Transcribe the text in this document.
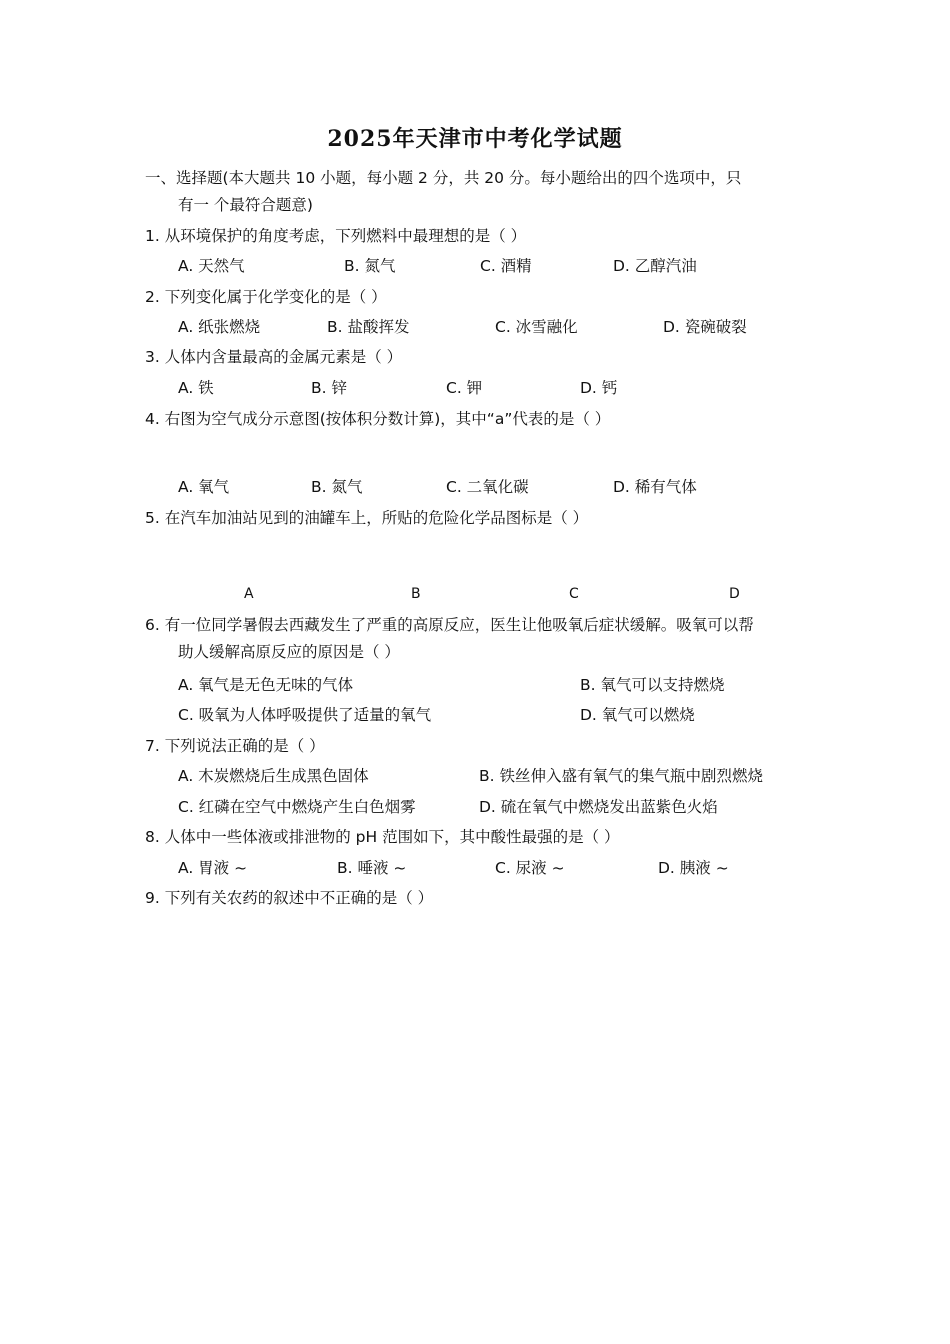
2025年天津市中考化学试题
一、选择题(本大题共 10 小题，每小题 2 分，共 20 分。每小题给出的四个选项中，只
有一 个最符合题意)
1. 从环境保护的角度考虑，下列燃料中最理想的是（ ）
A. 天然气	B. 氮气	C. 酒精	D. 乙醇汽油
2. 下列变化属于化学变化的是（ ）
A. 纸张燃烧	B. 盐酸挥发	C. 冰雪融化	D. 瓷碗破裂
3. 人体内含量最高的金属元素是（ ）
A. 铁	B. 锌	C. 钾	D. 钙
4. 右图为空气成分示意图(按体积分数计算)，其中“a”代表的是（ ）
A. 氧气	B. 氮气	C. 二氧化碳	D. 稀有气体
5. 在汽车加油站见到的油罐车上，所贴的危险化学品图标是（ ）
A	B	C	D
6. 有一位同学暑假去西藏发生了严重的高原反应，医生让他吸氧后症状缓解。吸氧可以帮
助人缓解高原反应的原因是（ ）
A. 氧气是无色无味的气体	B. 氧气可以支持燃烧
C. 吸氧为人体呼吸提供了适量的氧气	D. 氧气可以燃烧
7. 下列说法正确的是（ ）
A. 木炭燃烧后生成黑色固体	B. 铁丝伸入盛有氧气的集气瓶中剧烈燃烧
C. 红磷在空气中燃烧产生白色烟雾	D. 硫在氧气中燃烧发出蓝紫色火焰
8. 人体中一些体液或排泄物的 pH 范围如下，其中酸性最强的是（ ）
A. 胃液 ~	B. 唾液 ~	C. 尿液 ~	D. 胰液 ~
9. 下列有关农药的叙述中不正确的是（ ）
